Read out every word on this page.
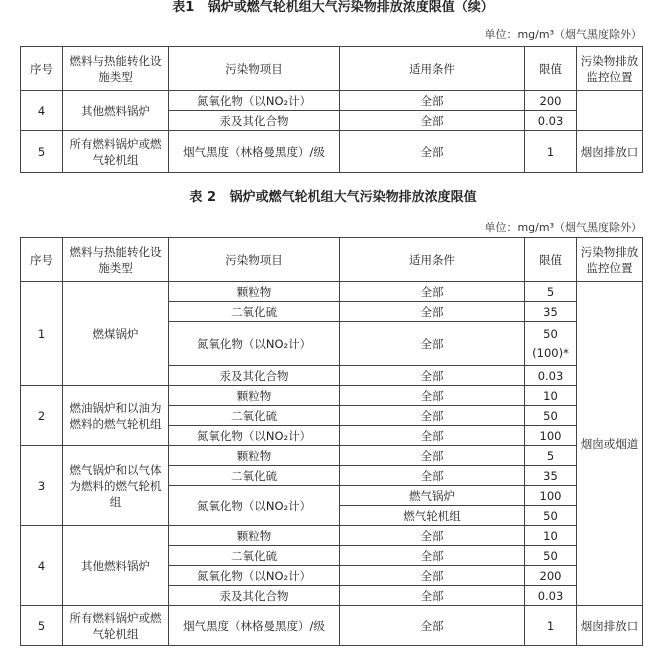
表1   锅炉或燃气轮机组大气污染物排放浓度限值（续）
单位：mg/m³（烟气黑度除外）
序号	燃料与热能转化设施类型	污染物项目	适用条件	限值	污染物排放监控位置
4	其他燃料锅炉	氮氧化物（以NO₂计）	全部	200	
		汞及其化合物	全部	0.03	
5	所有燃料锅炉或燃气轮机组	烟气黑度（林格曼黑度）/级	全部	1	烟囱排放口
表 2   锅炉或燃气轮机组大气污染物排放浓度限值
单位：mg/m³（烟气黑度除外）
序号	燃料与热能转化设施类型	污染物项目	适用条件	限值	污染物排放监控位置
1	燃煤锅炉	颗粒物	全部	5	烟囱或烟道
		二氧化硫	全部	35	
		氮氧化物（以NO₂计）	全部	50
(100)*	

		汞及其化合物	全部	0.03	
2	燃油锅炉和以油为燃料的燃气轮机组	颗粒物	全部	10	
		二氧化硫	全部	50	
		氮氧化物（以NO₂计）	全部	100	
3	燃气锅炉和以气体为燃料的燃气轮机组	颗粒物	全部	5	
		二氧化硫	全部	35	
		氮氧化物（以NO₂计）	燃气锅炉	100	
			燃气轮机组	50	
4	其他燃料锅炉	颗粒物	全部	10	
		二氧化硫	全部	50	
		氮氧化物（以NO₂计）	全部	200	
		汞及其化合物	全部	0.03	
5	所有燃料锅炉或燃气轮机组	烟气黑度（林格曼黑度）/级	全部	1	烟囱排放口
